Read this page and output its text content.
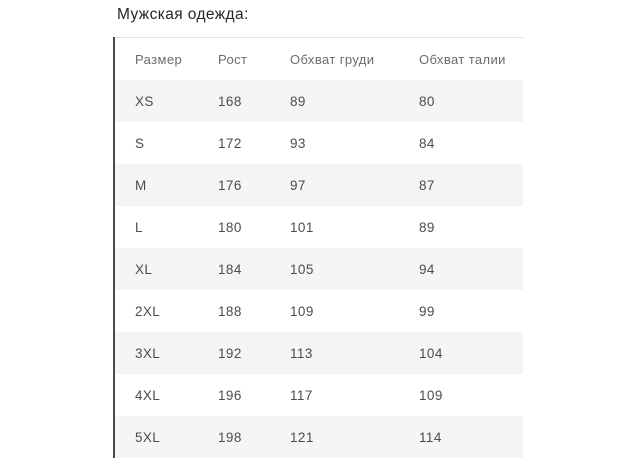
Мужская одежда:
Размер	Рост	Обхват груди	Обхват талии
XS	168	89	80
S	172	93	84
M	176	97	87
L	180	101	89
XL	184	105	94
2XL	188	109	99
3XL	192	113	104
4XL	196	117	109
5XL	198	121	114
